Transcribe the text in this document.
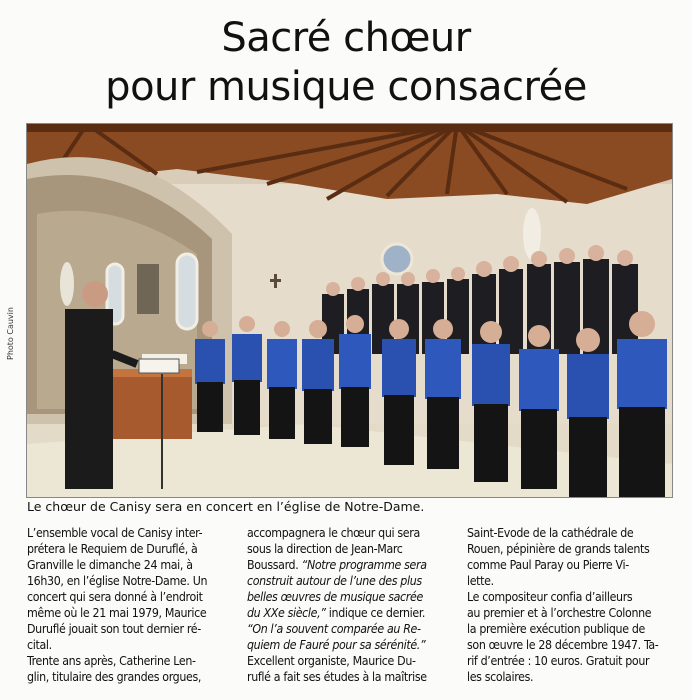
Sacré chœur
pour musique consacrée
Photo Cauvin
Le chœur de Canisy sera en concert en l’église de Notre-Dame.
L’ensemble vocal de Canisy inter-
prétera le Requiem de Duruflé, à
Granville le dimanche 24 mai, à
16h30, en l’église Notre-Dame. Un
concert qui sera donné à l’endroit
même où le 21 mai 1979, Maurice
Duruflé jouait son tout dernier ré-
cital.
Trente ans après, Catherine Len-
glin, titulaire des grandes orgues,
accompagnera le chœur qui sera
sous la direction de Jean-Marc
Boussard. “Notre programme sera
construit autour de l’une des plus
belles œuvres de musique sacrée
du XXe siècle,” indique ce dernier.
“On l’a souvent comparée au Re-
quiem de Fauré pour sa sérénité.”
Excellent organiste, Maurice Du-
ruflé a fait ses études à la maîtrise
Saint-Evode de la cathédrale de
Rouen, pépinière de grands talents
comme Paul Paray ou Pierre Vi-
lette.
Le compositeur confia d’ailleurs
au premier et à l’orchestre Colonne
la première exécution publique de
son œuvre le 28 décembre 1947. Ta-
rif d’entrée : 10 euros. Gratuit pour
les scolaires.
